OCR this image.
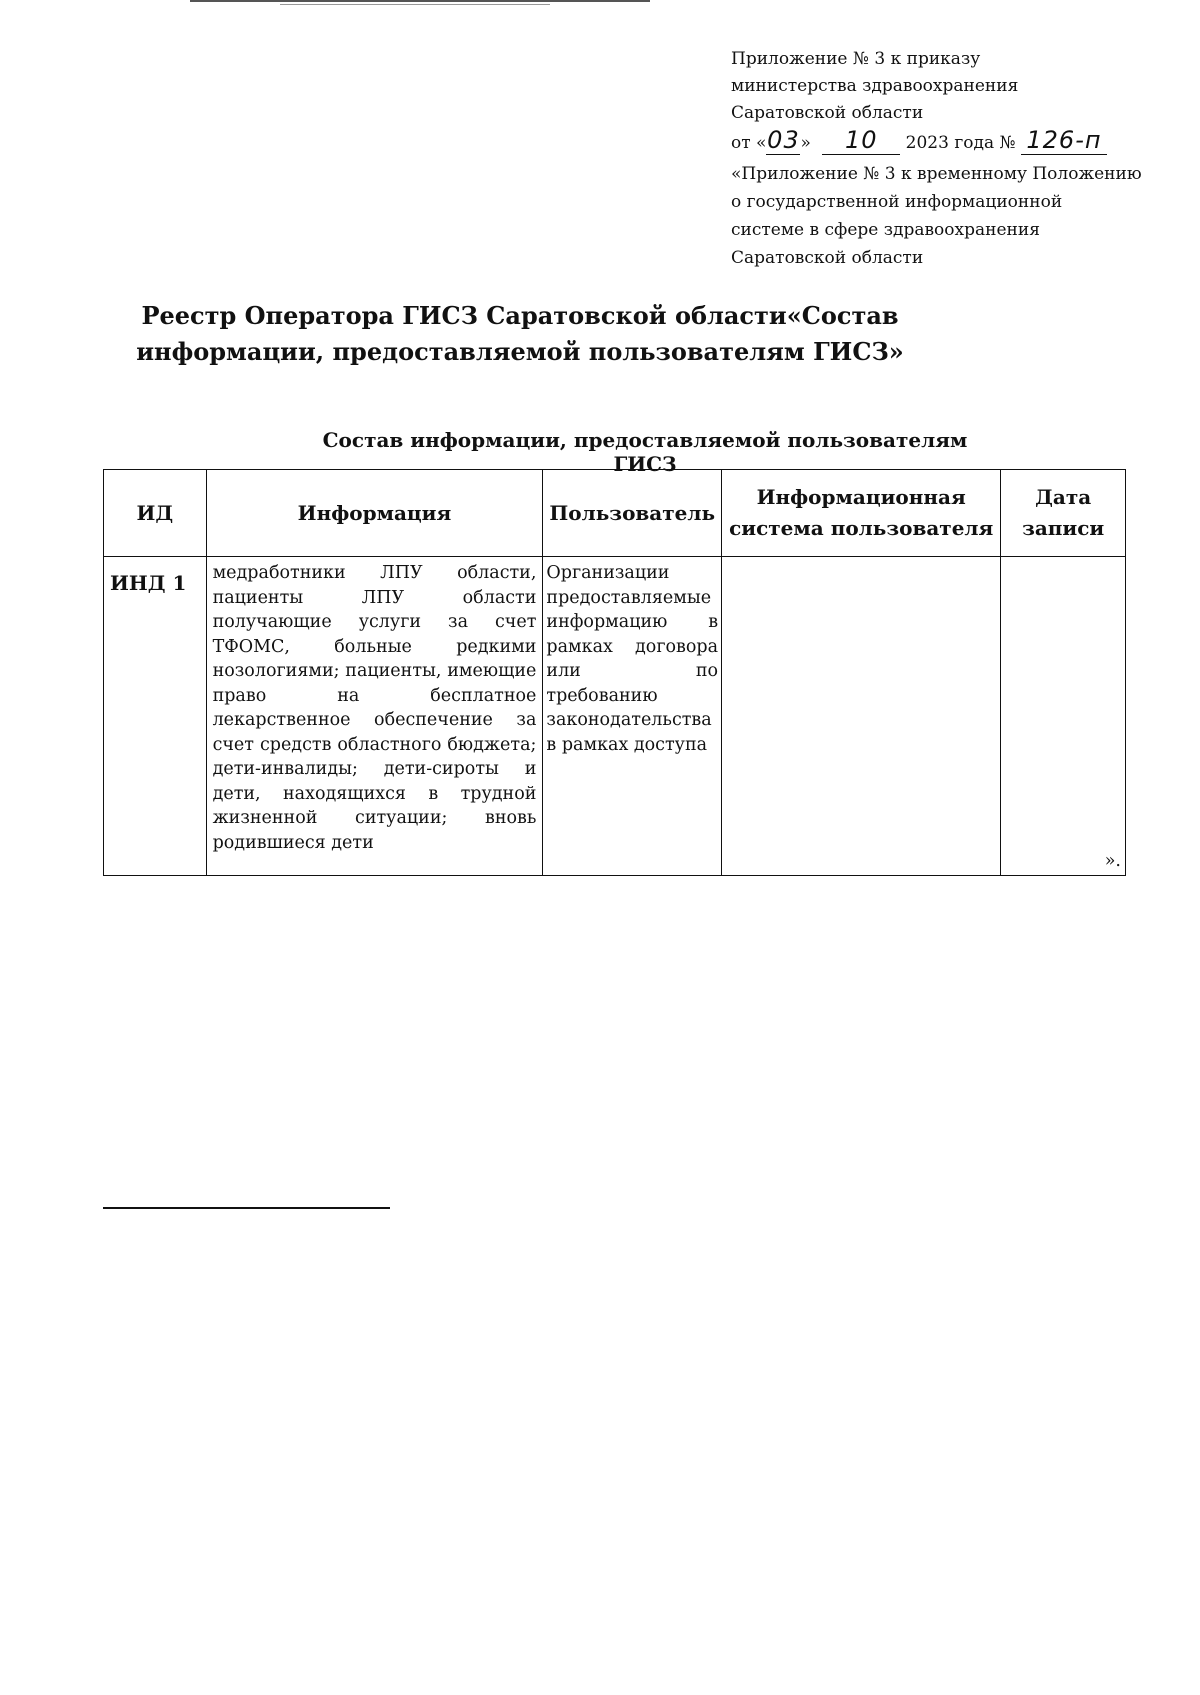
Приложение № 3 к приказу
министерства здравоохранения
Саратовской области
от «03» 10 2023 года № 126-п
«Приложение № 3 к временному Положению
о государственной информационной
системе в сфере здравоохранения
Саратовской области
Реестр Оператора ГИСЗ Саратовской области«Состав
информации, предоставляемой пользователям ГИСЗ»
Состав информации, предоставляемой пользователям ГИСЗ
ИД	Информация	Пользователь	Информационная система пользователя	Дата записи
ИНД 1	медработники ЛПУ области, пациенты ЛПУ области получающие услуги за счет ТФОМС, больные редкими нозологиями; пациенты, имеющие право на бесплатное лекарственное обеспечение за счет средств областного бюджета; дети-инвалиды; дети-сироты и дети, находящихся в трудной жизненной ситуации; вновь родившиеся дети	Организации предоставляемые информацию в рамках договора или по требованию законодательства в рамках доступа		».
